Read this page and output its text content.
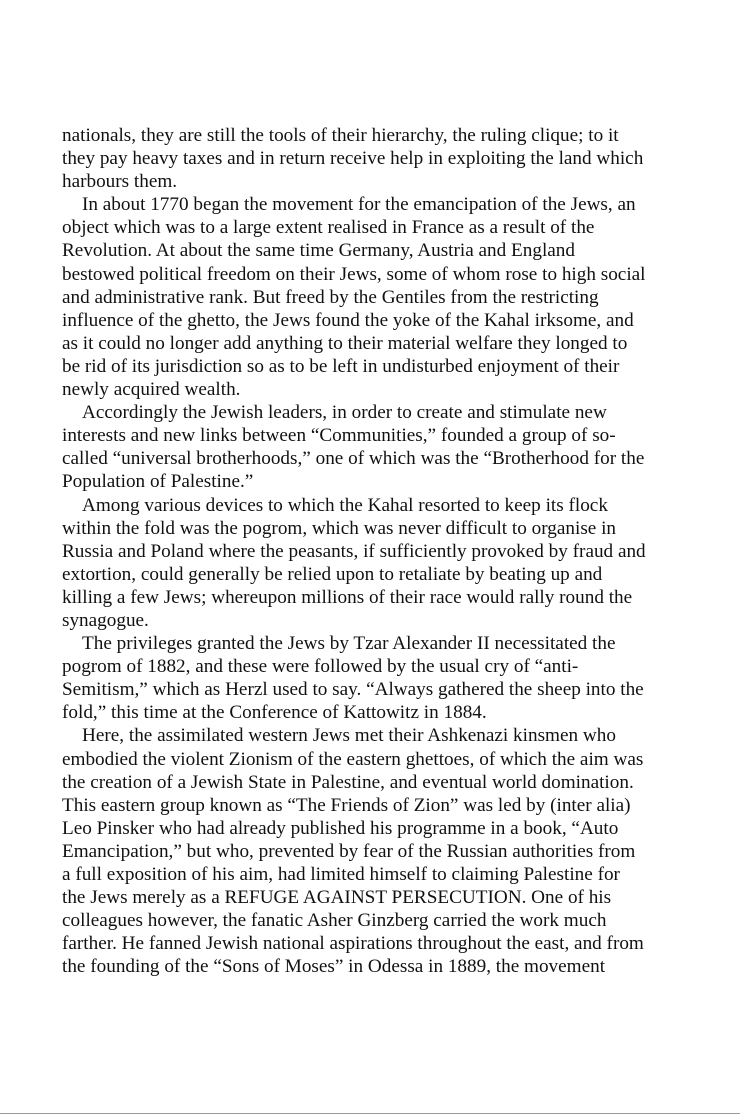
nationals, they are still the tools of their hierarchy, the ruling clique; to it
they pay heavy taxes and in return receive help in exploiting the land which
harbours them.
In about 1770 began the movement for the emancipation of the Jews, an
object which was to a large extent realised in France as a result of the
Revolution. At about the same time Germany, Austria and England
bestowed political freedom on their Jews, some of whom rose to high social
and administrative rank. But freed by the Gentiles from the restricting
influence of the ghetto, the Jews found the yoke of the Kahal irksome, and
as it could no longer add anything to their material welfare they longed to
be rid of its jurisdiction so as to be left in undisturbed enjoyment of their
newly acquired wealth.
Accordingly the Jewish leaders, in order to create and stimulate new
interests and new links between “Communities,” founded a group of so-
called “universal brotherhoods,” one of which was the “Brotherhood for the
Population of Palestine.”
Among various devices to which the Kahal resorted to keep its flock
within the fold was the pogrom, which was never difficult to organise in
Russia and Poland where the peasants, if sufficiently provoked by fraud and
extortion, could generally be relied upon to retaliate by beating up and
killing a few Jews; whereupon millions of their race would rally round the
synagogue.
The privileges granted the Jews by Tzar Alexander II necessitated the
pogrom of 1882, and these were followed by the usual cry of “anti-
Semitism,” which as Herzl used to say. “Always gathered the sheep into the
fold,” this time at the Conference of Kattowitz in 1884.
Here, the assimilated western Jews met their Ashkenazi kinsmen who
embodied the violent Zionism of the eastern ghettoes, of which the aim was
the creation of a Jewish State in Palestine, and eventual world domination.
This eastern group known as “The Friends of Zion” was led by (inter alia)
Leo Pinsker who had already published his programme in a book, “Auto
Emancipation,” but who, prevented by fear of the Russian authorities from
a full exposition of his aim, had limited himself to claiming Palestine for
the Jews merely as a REFUGE AGAINST PERSECUTION. One of his
colleagues however, the fanatic Asher Ginzberg carried the work much
farther. He fanned Jewish national aspirations throughout the east, and from
the founding of the “Sons of Moses” in Odessa in 1889, the movement
